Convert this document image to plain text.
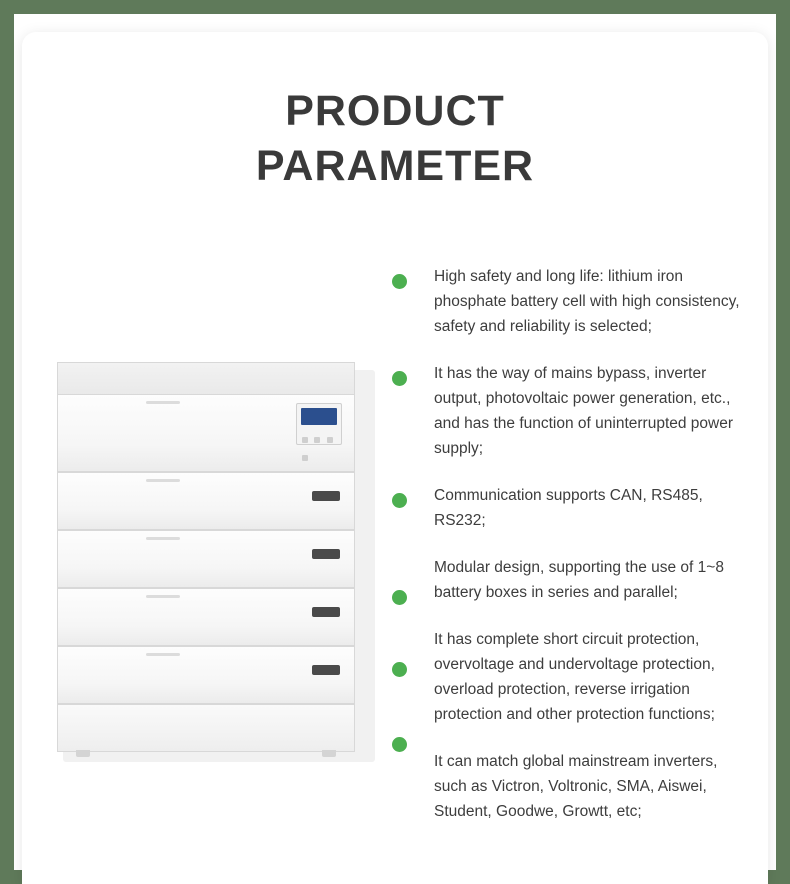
PRODUCT
PARAMETER

High safety and long life: lithium iron phosphate battery cell with high consistency, safety and reliability is selected;
It has the way of mains bypass, inverter output, photovoltaic power generation, etc., and has the function of uninterrupted power supply;
Communication supports CAN, RS485, RS232;
Modular design, supporting the use of 1~8 battery boxes in series and parallel;
It has complete short circuit protection, overvoltage and undervoltage protection, overload protection, reverse irrigation protection and other protection functions;
It can match global mainstream inverters, such as Victron, Voltronic, SMA, Aiswei, Student, Goodwe, Growtt, etc;
